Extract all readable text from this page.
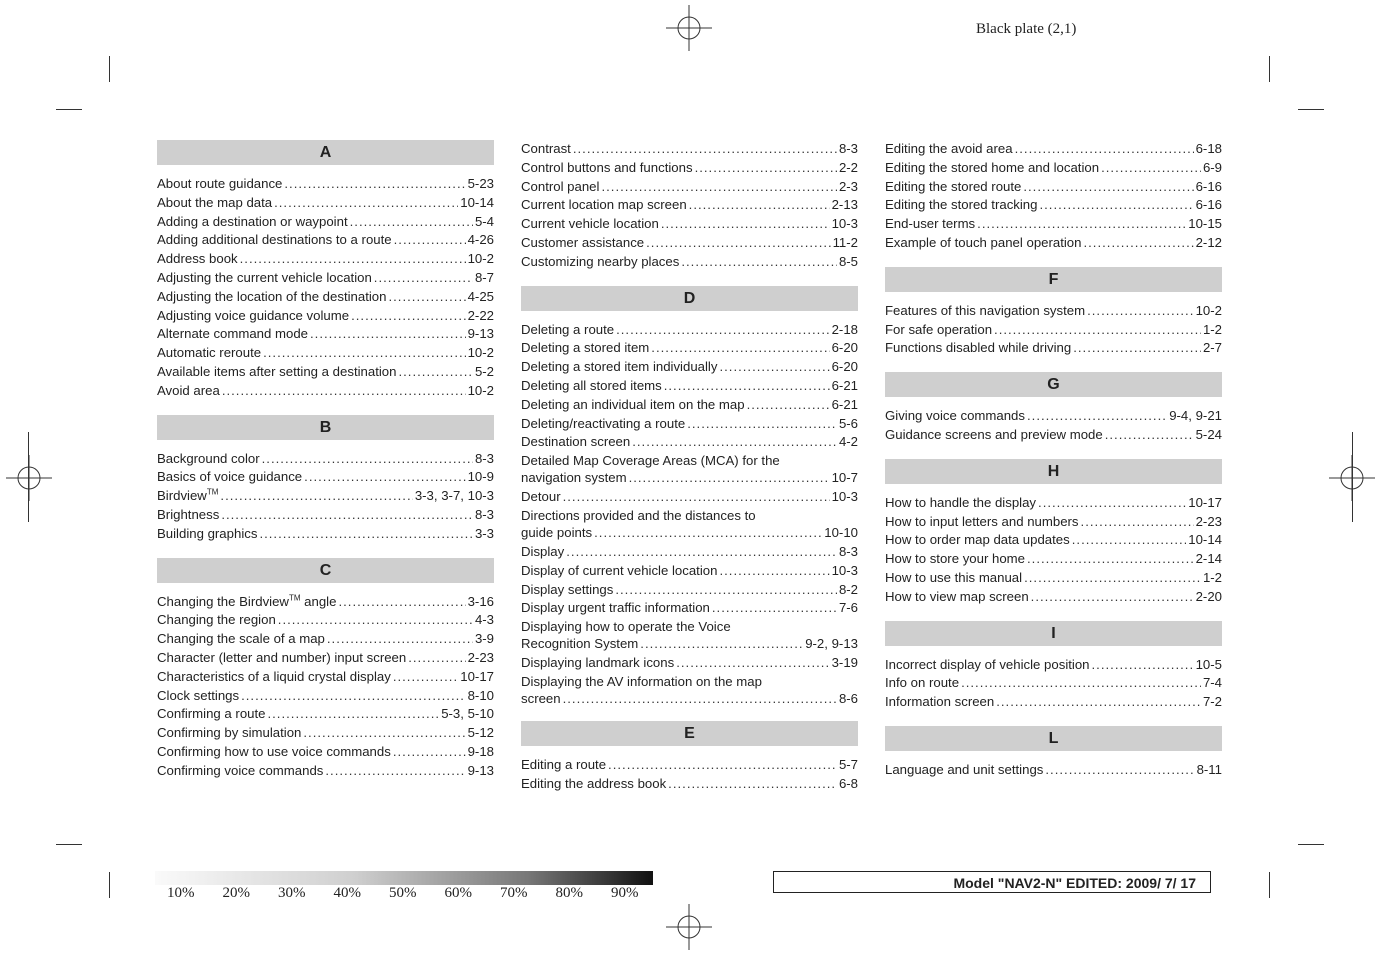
Black plate (2,1)
A
About route guidance .....	5-23
About the map data .....	10-14
Adding a destination or waypoint .....	5-4
Adding additional destinations to a route .....	4-26
Address book .....	10-2
Adjusting the current vehicle location .....	8-7
Adjusting the location of the destination .....	4-25
Adjusting voice guidance volume .....	2-22
Alternate command mode .....	9-13
Automatic reroute .....	10-2
Available items after setting a destination .....	5-2
Avoid area .....	10-2
B
Background color .....	8-3
Basics of voice guidance .....	10-9
Birdview™ .....	3-3, 3-7, 10-3
Brightness .....	8-3
Building graphics .....	3-3
C
Changing the Birdview™ angle .....	3-16
Changing the region .....	4-3
Changing the scale of a map .....	3-9
Character (letter and number) input screen .....	2-23
Characteristics of a liquid crystal display .....	10-17
Clock settings .....	8-10
Confirming a route .....	5-3, 5-10
Confirming by simulation .....	5-12
Confirming how to use voice commands .....	9-18
Confirming voice commands .....	9-13
Contrast .....	8-3
Control buttons and functions .....	2-2
Control panel .....	2-3
Current location map screen .....	2-13
Current vehicle location .....	10-3
Customer assistance .....	11-2
Customizing nearby places .....	8-5
D
Deleting a route .....	2-18
Deleting a stored item .....	6-20
Deleting a stored item individually .....	6-20
Deleting all stored items .....	6-21
Deleting an individual item on the map .....	6-21
Deleting/reactivating a route .....	5-6
Destination screen .....	4-2
Detailed Map Coverage Areas (MCA) for the
navigation system .....	10-7
Detour .....	10-3
Directions provided and the distances to
guide points .....	10-10
Display .....	8-3
Display of current vehicle location .....	10-3
Display settings .....	8-2
Display urgent traffic information .....	7-6
Displaying how to operate the Voice
Recognition System .....	9-2, 9-13
Displaying landmark icons .....	3-19
Displaying the AV information on the map
screen .....	8-6
E
Editing a route .....	5-7
Editing the address book .....	6-8
Editing the avoid area .....	6-18
Editing the stored home and location .....	6-9
Editing the stored route .....	6-16
Editing the stored tracking .....	6-16
End-user terms .....	10-15
Example of touch panel operation .....	2-12
F
Features of this navigation system .....	10-2
For safe operation .....	1-2
Functions disabled while driving .....	2-7
G
Giving voice commands .....	9-4, 9-21
Guidance screens and preview mode .....	5-24
H
How to handle the display .....	10-17
How to input letters and numbers .....	2-23
How to order map data updates .....	10-14
How to store your home .....	2-14
How to use this manual .....	1-2
How to view map screen .....	2-20
I
Incorrect display of vehicle position .....	10-5
Info on route .....	7-4
Information screen .....	7-2
L
Language and unit settings .....	8-11
10% 20% 30% 40% 50% 60% 70% 80% 90%
Model "NAV2-N" EDITED: 2009/ 7/ 17
